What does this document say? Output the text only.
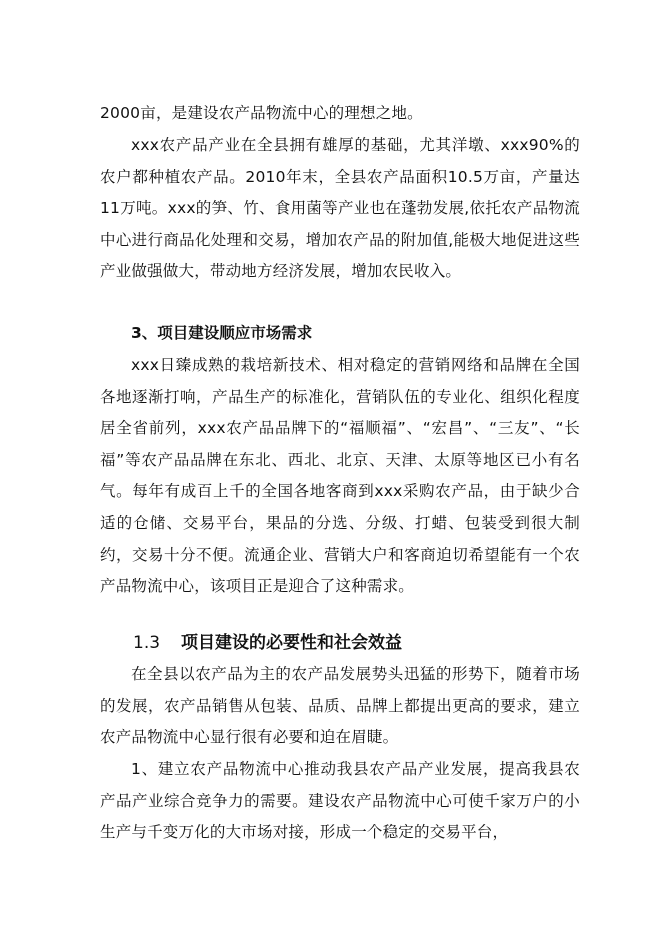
2000亩，是建设农产品物流中心的理想之地。

xxx农产品产业在全县拥有雄厚的基础，尤其洋墩、xxx90%的农户都种植农产品。2010年末，全县农产品面积10.5万亩，产量达11万吨。xxx的笋、竹、食用菌等产业也在蓬勃发展,依托农产品物流中心进行商品化处理和交易，增加农产品的附加值,能极大地促进这些产业做强做大，带动地方经济发展，增加农民收入。

3、项目建设顺应市场需求

xxx日臻成熟的栽培新技术、相对稳定的营销网络和品牌在全国各地逐渐打响，产品生产的标准化，营销队伍的专业化、组织化程度居全省前列，xxx农产品品牌下的“福顺福”、“宏昌”、“三友”、“长福”等农产品品牌在东北、西北、北京、天津、太原等地区已小有名气。每年有成百上千的全国各地客商到xxx采购农产品，由于缺少合适的仓储、交易平台，果品的分选、分级、打蜡、包装受到很大制约，交易十分不便。流通企业、营销大户和客商迫切希望能有一个农产品物流中心，该项目正是迎合了这种需求。

1.3 项目建设的必要性和社会效益

在全县以农产品为主的农产品发展势头迅猛的形势下，随着市场的发展，农产品销售从包装、品质、品牌上都提出更高的要求，建立农产品物流中心显行很有必要和迫在眉睫。

1、建立农产品物流中心推动我县农产品产业发展，提高我县农产品产业综合竞争力的需要。建设农产品物流中心可使千家万户的小生产与千变万化的大市场对接，形成一个稳定的交易平台，
